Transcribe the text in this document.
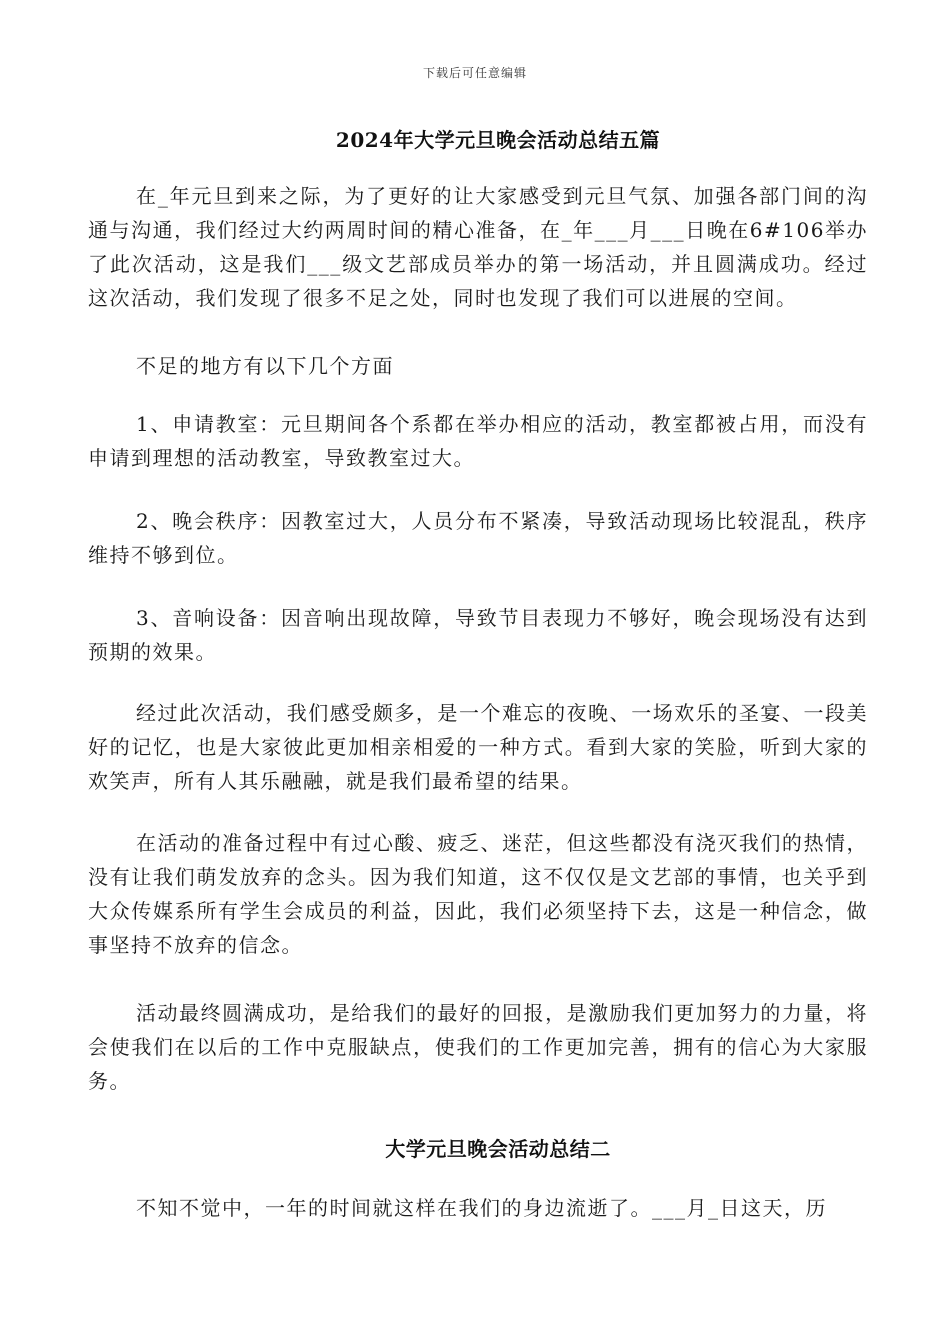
下载后可任意编辑
2024年大学元旦晚会活动总结五篇

在_年元旦到来之际，为了更好的让大家感受到元旦气氛、加强各部门间的沟通与沟通，我们经过大约两周时间的精心准备，在_年___月___日晚在6#106举办了此次活动，这是我们___级文艺部成员举办的第一场活动，并且圆满成功。经过这次活动，我们发现了很多不足之处，同时也发现了我们可以进展的空间。

不足的地方有以下几个方面

1、申请教室：元旦期间各个系都在举办相应的活动，教室都被占用，而没有申请到理想的活动教室，导致教室过大。

2、晚会秩序：因教室过大，人员分布不紧凑，导致活动现场比较混乱，秩序维持不够到位。

3、音响设备：因音响出现故障，导致节目表现力不够好，晚会现场没有达到预期的效果。

经过此次活动，我们感受颇多，是一个难忘的夜晚、一场欢乐的圣宴、一段美好的记忆，也是大家彼此更加相亲相爱的一种方式。看到大家的笑脸，听到大家的欢笑声，所有人其乐融融，就是我们最希望的结果。

在活动的准备过程中有过心酸、疲乏、迷茫，但这些都没有浇灭我们的热情，没有让我们萌发放弃的念头。因为我们知道，这不仅仅是文艺部的事情，也关乎到大众传媒系所有学生会成员的利益，因此，我们必须坚持下去，这是一种信念，做事坚持不放弃的信念。

活动最终圆满成功，是给我们的最好的回报，是激励我们更加努力的力量，将会使我们在以后的工作中克服缺点，使我们的工作更加完善，拥有的信心为大家服务。

大学元旦晚会活动总结二

不知不觉中，一年的时间就这样在我们的身边流逝了。___月_日这天，历
